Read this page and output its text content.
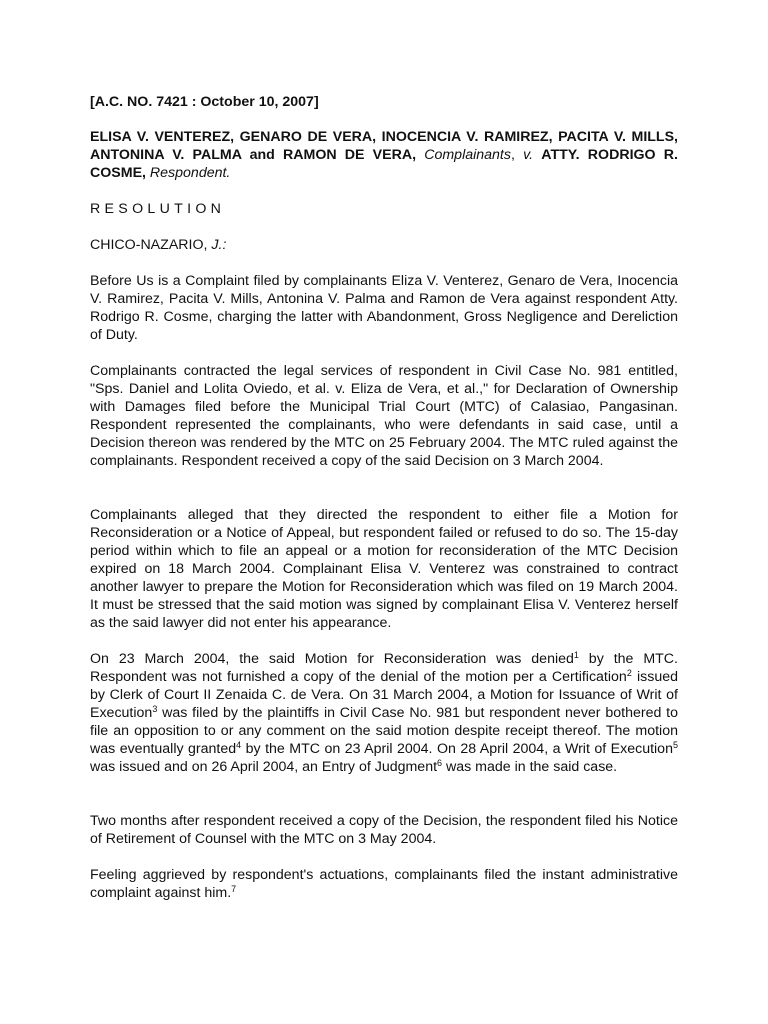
[A.C. NO. 7421 : October 10, 2007]
ELISA V. VENTEREZ, GENARO DE VERA, INOCENCIA V. RAMIREZ, PACITA V. MILLS, ANTONINA V. PALMA and RAMON DE VERA, Complainants, v. ATTY. RODRIGO R. COSME, Respondent.
RESOLUTION
CHICO-NAZARIO, J.:

Before Us is a Complaint filed by complainants Eliza V. Venterez, Genaro de Vera, Inocencia V. Ramirez, Pacita V. Mills, Antonina V. Palma and Ramon de Vera against respondent Atty. Rodrigo R. Cosme, charging the latter with Abandonment, Gross Negligence and Dereliction of Duty.

Complainants contracted the legal services of respondent in Civil Case No. 981 entitled, "Sps. Daniel and Lolita Oviedo, et al. v. Eliza de Vera, et al.," for Declaration of Ownership with Damages filed before the Municipal Trial Court (MTC) of Calasiao, Pangasinan. Respondent represented the complainants, who were defendants in said case, until a Decision thereon was rendered by the MTC on 25 February 2004. The MTC ruled against the complainants. Respondent received a copy of the said Decision on 3 March 2004.

Complainants alleged that they directed the respondent to either file a Motion for Reconsideration or a Notice of Appeal, but respondent failed or refused to do so. The 15-day period within which to file an appeal or a motion for reconsideration of the MTC Decision expired on 18 March 2004. Complainant Elisa V. Venterez was constrained to contract another lawyer to prepare the Motion for Reconsideration which was filed on 19 March 2004. It must be stressed that the said motion was signed by complainant Elisa V. Venterez herself as the said lawyer did not enter his appearance.

On 23 March 2004, the said Motion for Reconsideration was denied$^1$ by the MTC. Respondent was not furnished a copy of the denial of the motion per a Certification$^2$ issued by Clerk of Court II Zenaida C. de Vera. On 31 March 2004, a Motion for Issuance of Writ of Execution$^3$ was filed by the plaintiffs in Civil Case No. 981 but respondent never bothered to file an opposition to or any comment on the said motion despite receipt thereof. The motion was eventually granted$^4$ by the MTC on 23 April 2004. On 28 April 2004, a Writ of Execution$^5$ was issued and on 26 April 2004, an Entry of Judgment$^6$ was made in the said case.

Two months after respondent received a copy of the Decision, the respondent filed his Notice of Retirement of Counsel with the MTC on 3 May 2004.

Feeling aggrieved by respondent's actuations, complainants filed the instant administrative complaint against him.$^7$
